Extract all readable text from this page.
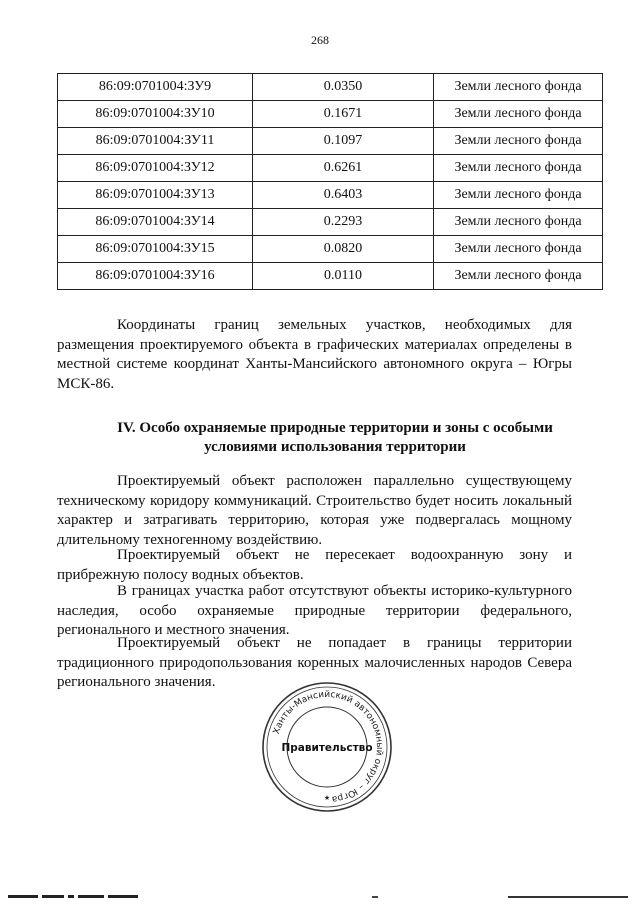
268
86:09:0701004:ЗУ9	0.0350	Земли лесного фонда
86:09:0701004:ЗУ10	0.1671	Земли лесного фонда
86:09:0701004:ЗУ11	0.1097	Земли лесного фонда
86:09:0701004:ЗУ12	0.6261	Земли лесного фонда
86:09:0701004:ЗУ13	0.6403	Земли лесного фонда
86:09:0701004:ЗУ14	0.2293	Земли лесного фонда
86:09:0701004:ЗУ15	0.0820	Земли лесного фонда
86:09:0701004:ЗУ16	0.0110	Земли лесного фонда

Координаты границ земельных участков, необходимых для размещения проектируемого объекта в графических материалах определены в местной системе координат Ханты-Мансийского автономного округа – Югры МСК-86.

IV. Особо охраняемые природные территории и зоны с особыми
условиями использования территории

Проектируемый объект расположен параллельно существующему техническому коридору коммуникаций. Строительство будет носить локальный характер и затрагивать территорию, которая уже подвергалась мощному длительному техногенному воздействию.

Проектируемый объект не пересекает водоохранную зону и прибрежную полосу водных объектов.

В границах участка работ отсутствуют объекты историко-культурного наследия, особо охраняемые природные территории федерального, регионального и местного значения.

Проектируемый объект не попадает в границы территории традиционного природопользования коренных малочисленных народов Севера регионального значения.

Ханты-Мансийский автономный округ – Югра
Правительство
★
